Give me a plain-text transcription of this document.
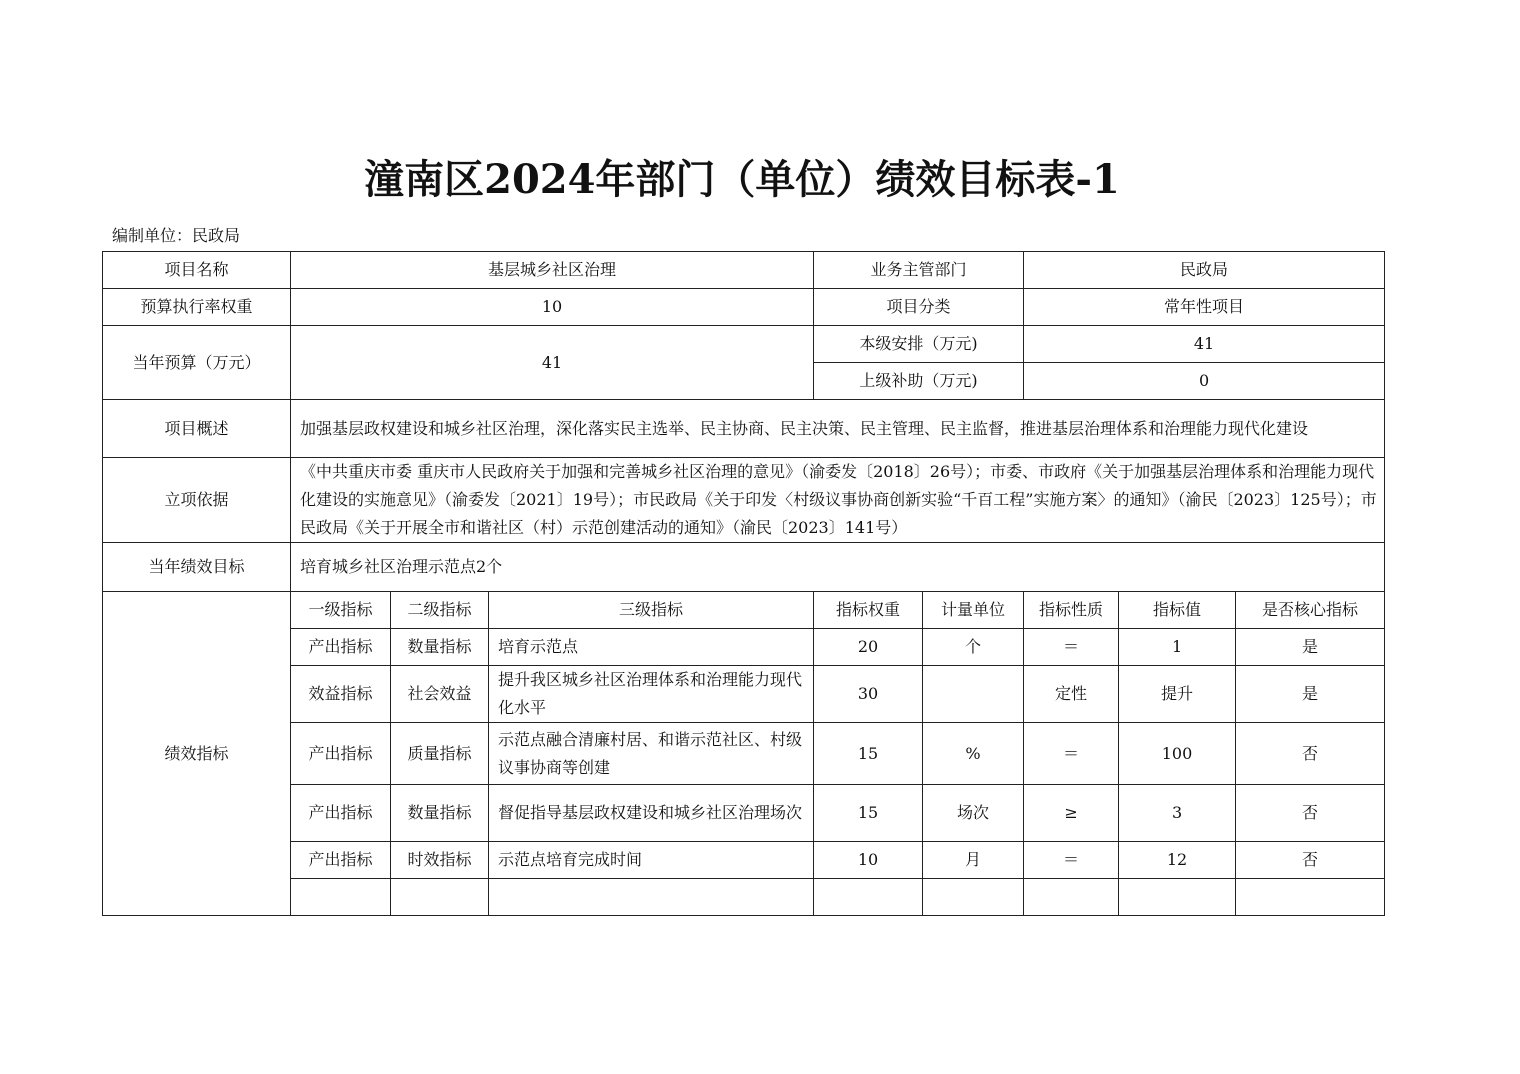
潼南区2024年部门（单位）绩效目标表-1
编制单位：民政局
项目名称	基层城乡社区治理			业务主管部门		民政局		
预算执行率权重	10			项目分类		常年性项目		
当年预算（万元）	41			本级安排（万元)		41		
				上级补助（万元)		0		
项目概述	加强基层政权建设和城乡社区治理，深化落实民主选举、民主协商、民主决策、民主管理、民主监督，推进基层治理体系和治理能力现代化建设							
立项依据	《中共重庆市委 重庆市人民政府关于加强和完善城乡社区治理的意见》（渝委发〔2018〕26号）；市委、市政府《关于加强基层治理体系和治理能力现代化建设的实施意见》（渝委发〔2021〕19号）；市民政局《关于印发〈村级议事协商创新实验“千百工程”实施方案〉的通知》（渝民〔2023〕125号）；市民政局《关于开展全市和谐社区（村）示范创建活动的通知》（渝民〔2023〕141号）							
当年绩效目标	培育城乡社区治理示范点2个							
绩效指标	一级指标	二级指标	三级指标	指标权重	计量单位	指标性质	指标值	是否核心指标
	产出指标	数量指标	培育示范点	20	个	＝	1	是
	效益指标	社会效益	提升我区城乡社区治理体系和治理能力现代化水平	30		定性	提升	是
	产出指标	质量指标	示范点融合清廉村居、和谐示范社区、村级议事协商等创建	15	%	＝	100	否
	产出指标	数量指标	督促指导基层政权建设和城乡社区治理场次	15	场次	≥	3	否
	产出指标	时效指标	示范点培育完成时间	10	月	＝	12	否
